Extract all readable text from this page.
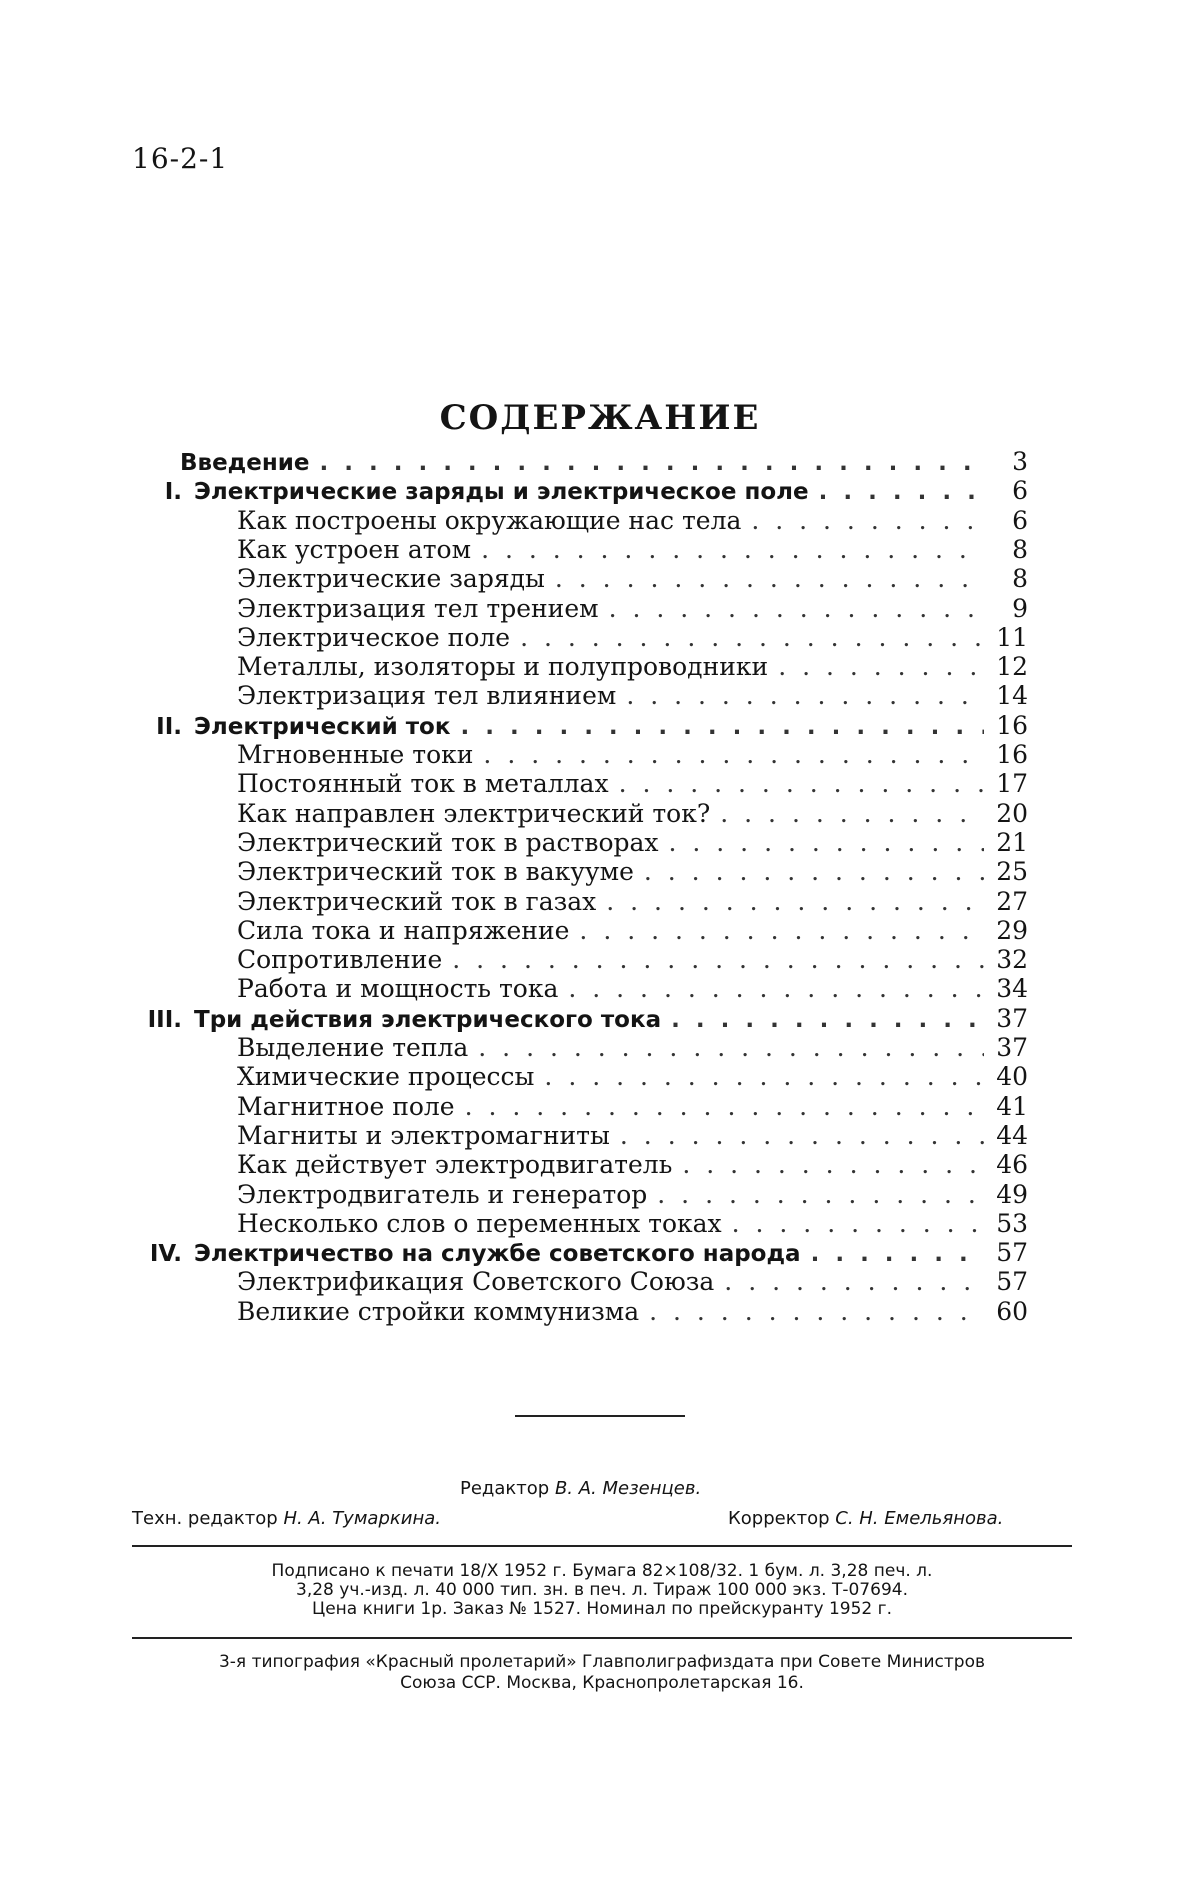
16-2-1
СОДЕРЖАНИЕ
Введение
. . .	3
I. Электрические заряды и электрическое поле
. . .	6
Как построены окружающие нас тела
. . .	6
Как устроен атом
. . .	8
Электрические заряды
. . .	8
Электризация тел трением
. . .	9
Электрическое поле
. . .	11
Металлы, изоляторы и полупроводники
. . .	12
Электризация тел влиянием
. . .	14
II. Электрический ток
. . .	16
Мгновенные токи
. . .	16
Постоянный ток в металлах
. . .	17
Как направлен электрический ток?
. . .	20
Электрический ток в растворах
. . .	21
Электрический ток в вакууме
. . .	25
Электрический ток в газах
. . .	27
Сила тока и напряжение
. . .	29
Сопротивление
. . .	32
Работа и мощность тока
. . .	34
III. Три действия электрического тока
. . .	37
Выделение тепла
. . .	37
Химические процессы
. . .	40
Магнитное поле
. . .	41
Магниты и электромагниты
. . .	44
Как действует электродвигатель
. . .	46
Электродвигатель и генератор
. . .	49
Несколько слов о переменных токах
. . .	53
IV. Электричество на службе советского народа
. . .	57
Электрификация Советского Союза
. . .	57
Великие стройки коммунизма
. . .	60
Редактор В. А. Мезенцев.
Техн. редактор Н. А. Тумаркина.	Корректор С. Н. Емельянова.
Подписано к печати 18/X 1952 г. Бумага 82×108/32. 1 бум. л. 3,28 печ. л.
3,28 уч.-изд. л. 40 000 тип. зн. в печ. л. Тираж 100 000 экз. Т-07694.
Цена книги 1р. Заказ № 1527. Номинал по прейскуранту 1952 г.
3-я типография «Красный пролетарий» Главполиграфиздата при Совете Министров
Союза ССР. Москва, Краснопролетарская 16.
